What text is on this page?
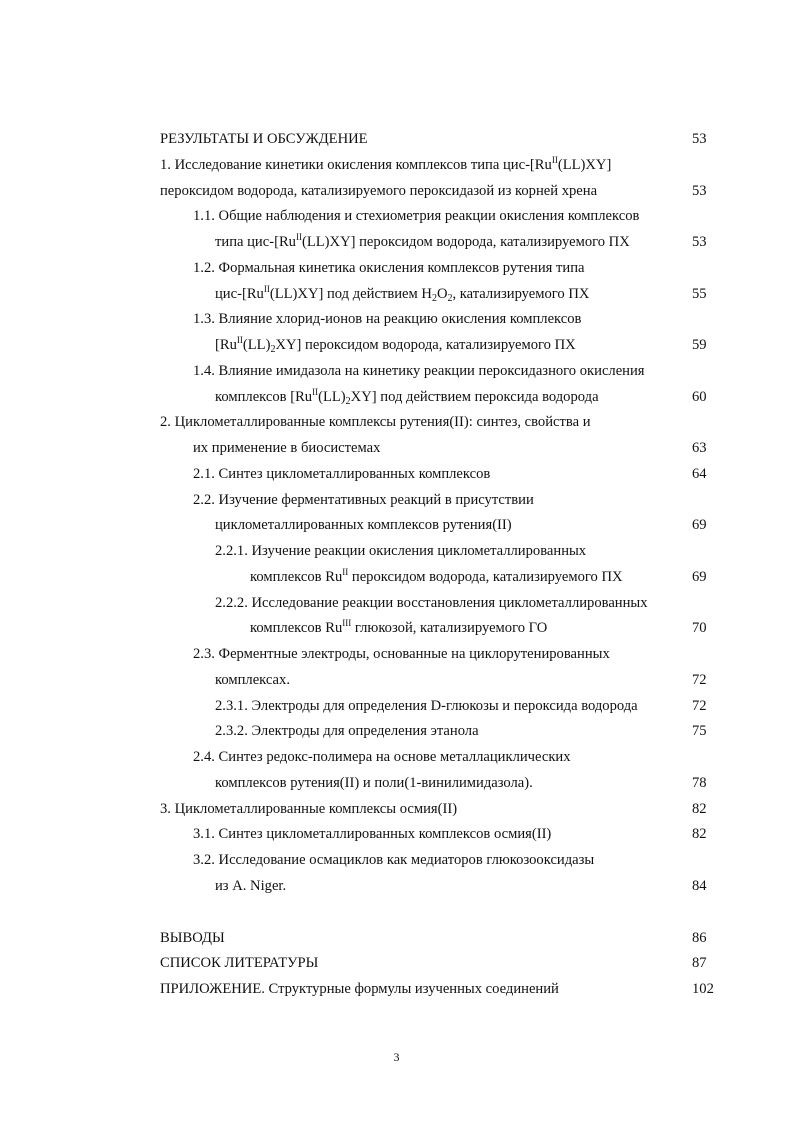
РЕЗУЛЬТАТЫ И ОБСУЖДЕНИЕ	53
1. Исследование кинетики окисления комплексов типа цис-$[Ru^{II}(LL)XY]$
пероксидом водорода, катализируемого пероксидазой из корней хрена	53
1.1. Общие наблюдения и стехиометрия реакции окисления комплексов
типа цис-$[Ru^{II}(LL)XY]$ пероксидом водорода, катализируемого ПХ	53
1.2. Формальная кинетика окисления комплексов рутения типа
цис-$[Ru^{II}(LL)XY]$ под действием $H_2O_2$, катализируемого ПХ	55
1.3. Влияние хлорид-ионов на реакцию окисления комплексов
$[Ru^{II}(LL)_2XY]$ пероксидом водорода, катализируемого ПХ	59
1.4. Влияние имидазола на кинетику реакции пероксидазного окисления
комплексов $[Ru^{II}(LL)_2XY]$ под действием пероксида водорода	60
2. Циклометаллированные комплексы рутения(II): синтез, свойства и
их применение в биосистемах	63
2.1. Синтез циклометаллированных комплексов	64
2.2. Изучение ферментативных реакций в присутствии
циклометаллированных комплексов рутения(II)	69
2.2.1. Изучение реакции окисления циклометаллированных
комплексов $Ru^{II}$ пероксидом водорода, катализируемого ПХ	69
2.2.2. Исследование реакции восстановления циклометаллированных
комплексов $Ru^{III}$ глюкозой, катализируемого ГО	70
2.3. Ферментные электроды, основанные на циклорутенированных
комплексах.	72
2.3.1. Электроды для определения D-глюкозы и пероксида водорода	72
2.3.2. Электроды для определения этанола	75
2.4. Синтез редокс-полимера на основе металлациклических
комплексов рутения(II) и поли(1-винилимидазола).	78
3. Циклометаллированные комплексы осмия(II)	82
3.1. Синтез циклометаллированных комплексов осмия(II)	82
3.2. Исследование осмациклов как медиаторов глюкозооксидазы
из A. Niger.	84
ВЫВОДЫ	86
СПИСОК ЛИТЕРАТУРЫ	87
ПРИЛОЖЕНИЕ. Структурные формулы изученных соединений	102
3
